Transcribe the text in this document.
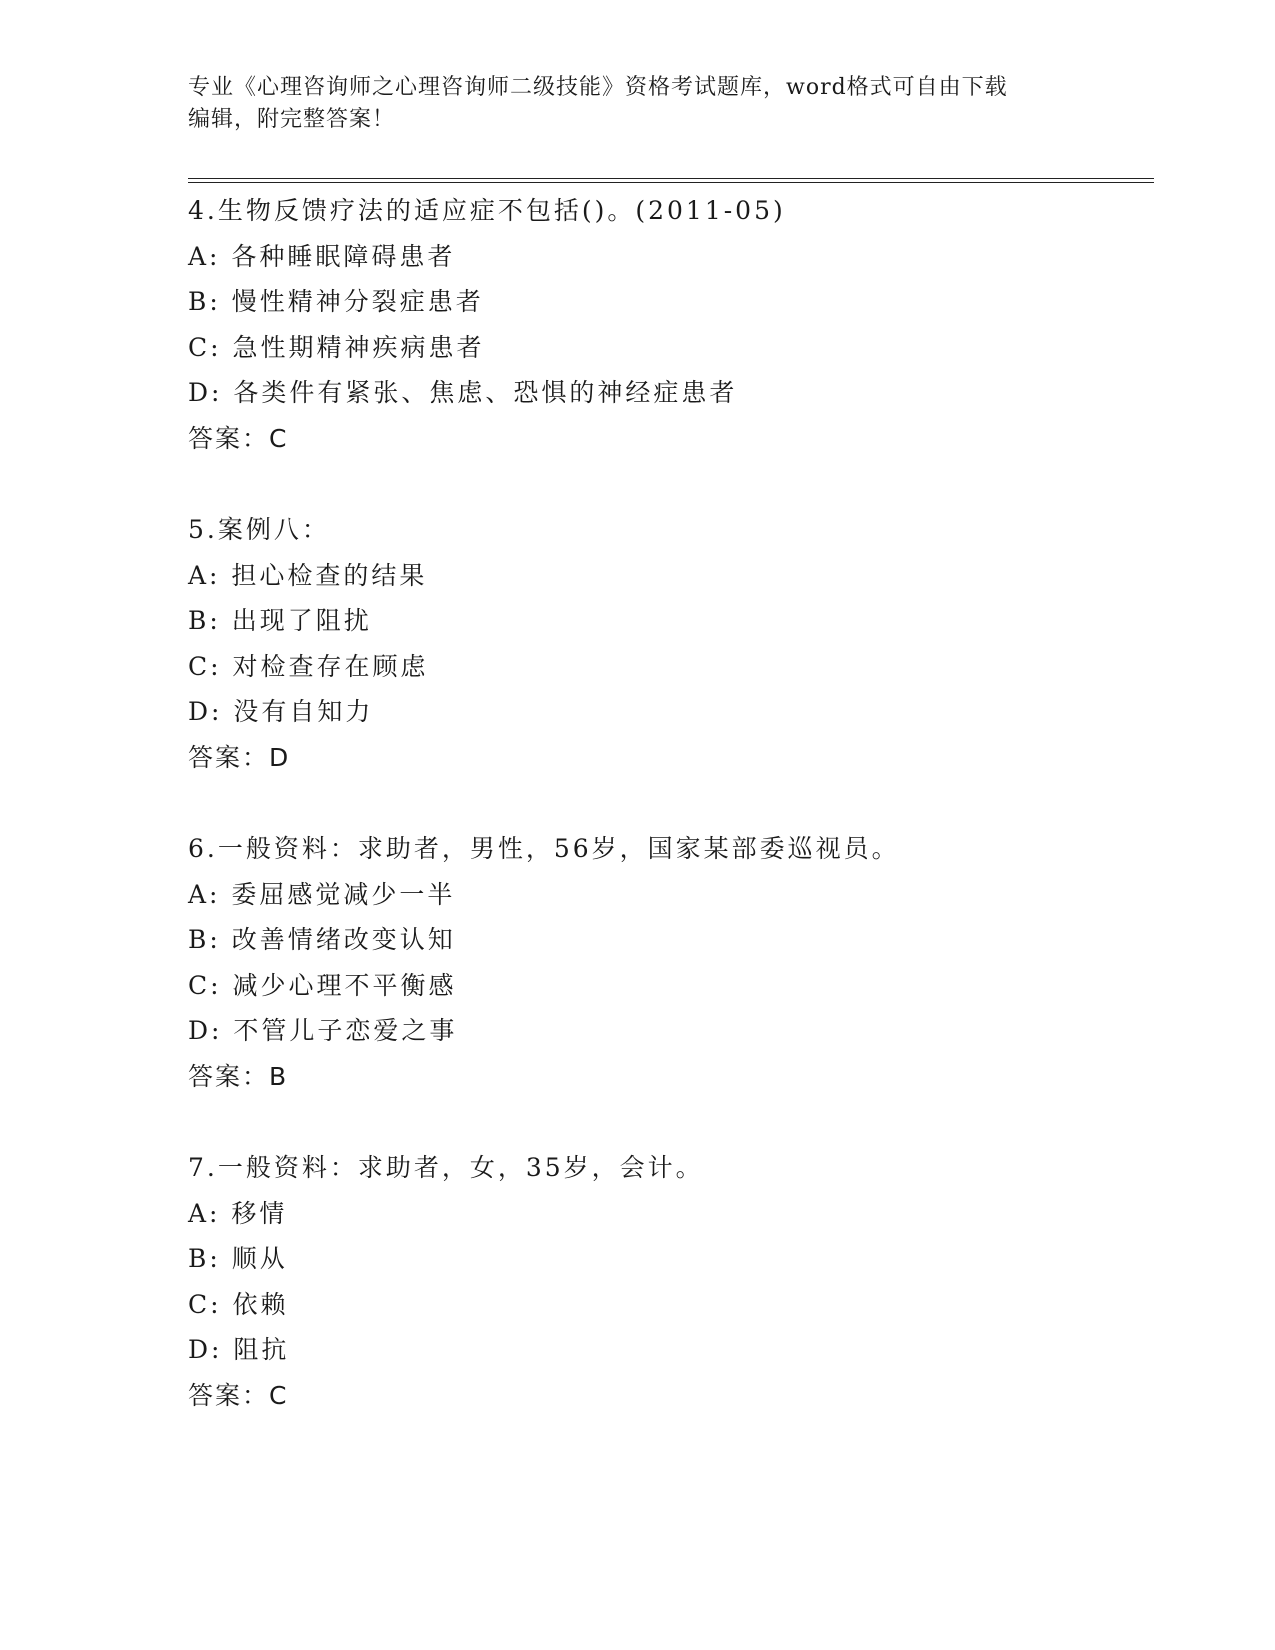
专业《心理咨询师之心理咨询师二级技能》资格考试题库，word格式可自由下载
编辑，附完整答案！
4.生物反馈疗法的适应症不包括()。(2011-05)
A: 各种睡眠障碍患者
B: 慢性精神分裂症患者
C: 急性期精神疾病患者
D: 各类件有紧张、焦虑、恐惧的神经症患者
答案：C
5.案例八：
A: 担心检查的结果
B: 出现了阻扰
C: 对检查存在顾虑
D: 没有自知力
答案：D
6.一般资料：求助者，男性，56岁，国家某部委巡视员。
A: 委屈感觉减少一半
B: 改善情绪改变认知
C: 减少心理不平衡感
D: 不管儿子恋爱之事
答案：B
7.一般资料：求助者，女，35岁，会计。
A: 移情
B: 顺从
C: 依赖
D: 阻抗
答案：C
